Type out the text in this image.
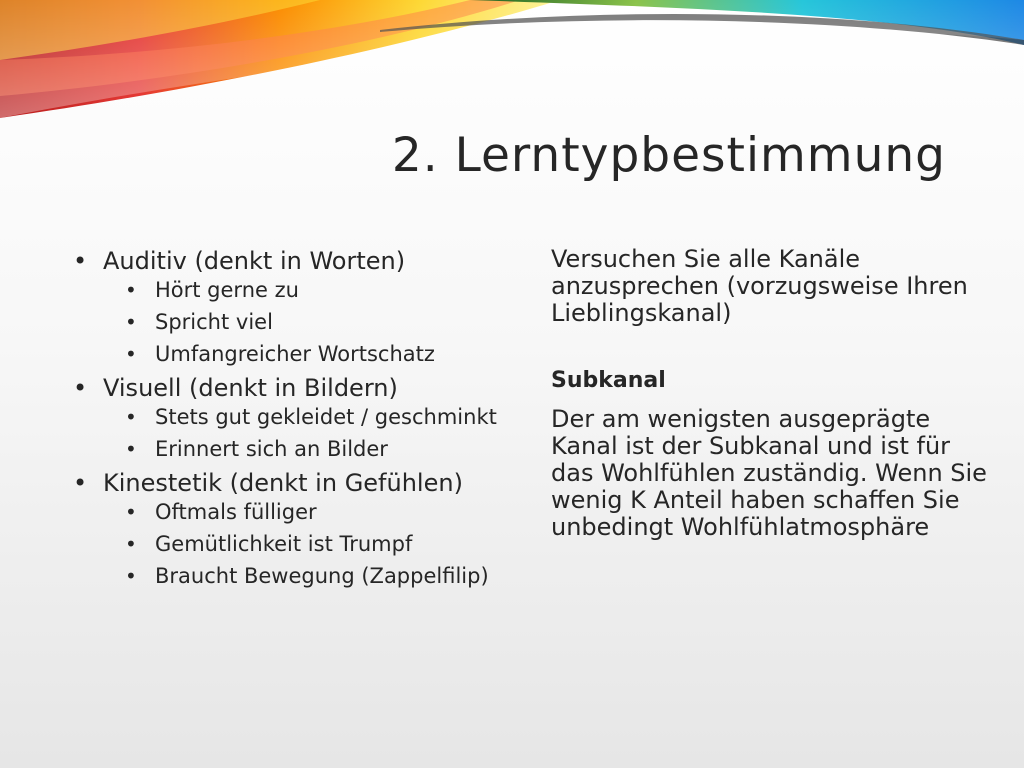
2. Lerntypbestimmung
• Auditiv (denkt in Worten)
• Hört gerne zu
• Spricht viel
• Umfangreicher Wortschatz
• Visuell (denkt in Bildern)
• Stets gut gekleidet / geschminkt
• Erinnert sich an Bilder
• Kinestetik (denkt in Gefühlen)
• Oftmals fülliger
• Gemütlichkeit ist Trumpf
• Braucht Bewegung (Zappelfilip)

Versuchen Sie alle Kanäle anzusprechen (vorzugsweise Ihren Lieblingskanal)

Subkanal

Der am wenigsten ausgeprägte Kanal ist der Subkanal und ist für das Wohlfühlen zuständig. Wenn Sie wenig K Anteil haben schaffen Sie unbedingt Wohlfühlatmosphäre
